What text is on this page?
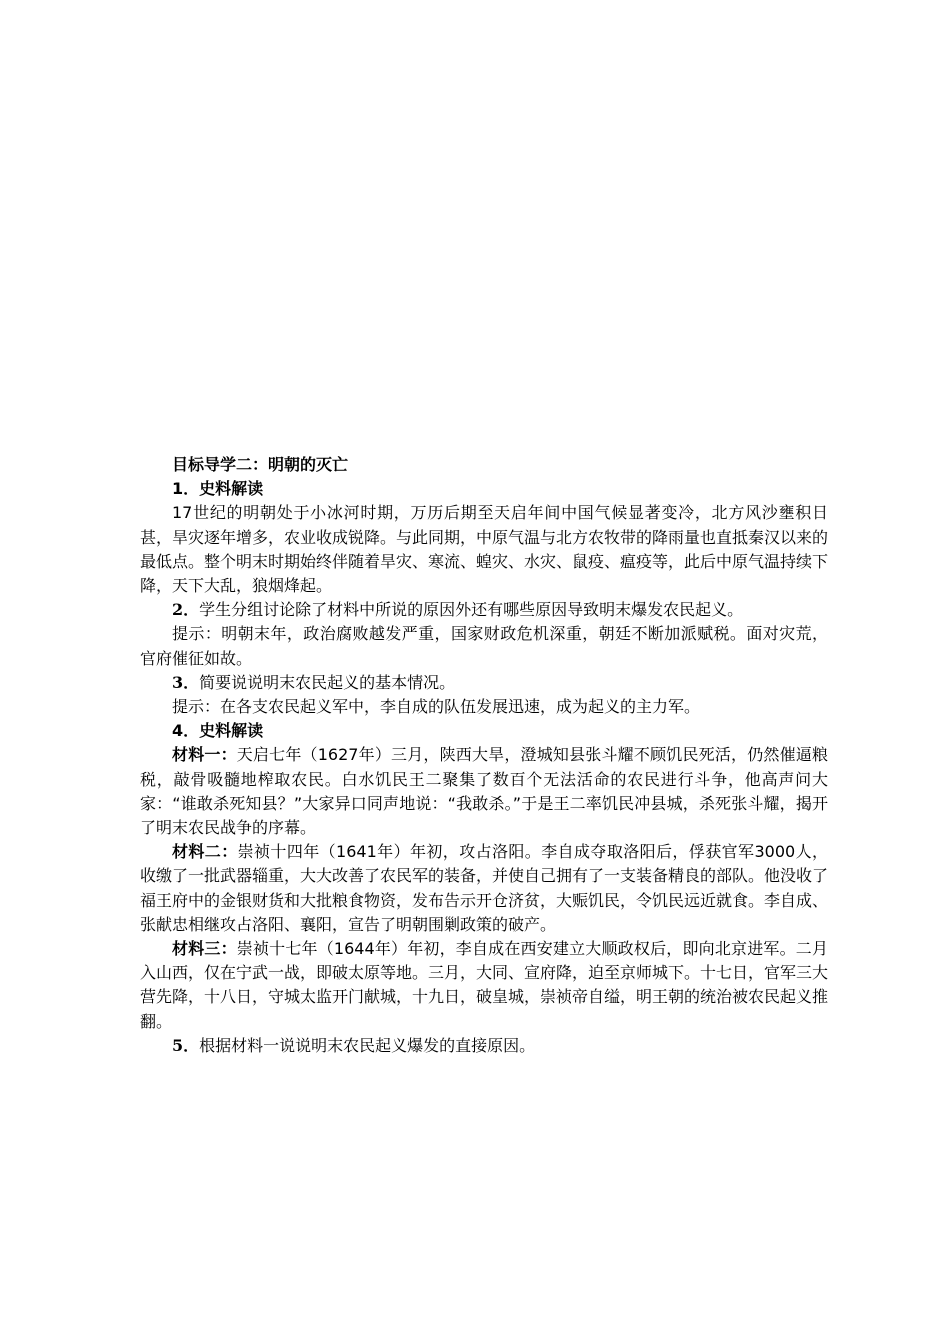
目标导学二：明朝的灭亡

1．史料解读

17世纪的明朝处于小冰河时期，万历后期至天启年间中国气候显著变冷，北方风沙壅积日甚，旱灾逐年增多，农业收成锐降。与此同期，中原气温与北方农牧带的降雨量也直抵秦汉以来的最低点。整个明末时期始终伴随着旱灾、寒流、蝗灾、水灾、鼠疫、瘟疫等，此后中原气温持续下降，天下大乱，狼烟烽起。

2．学生分组讨论除了材料中所说的原因外还有哪些原因导致明末爆发农民起义。

提示：明朝末年，政治腐败越发严重，国家财政危机深重，朝廷不断加派赋税。面对灾荒，官府催征如故。

3．简要说说明末农民起义的基本情况。

提示：在各支农民起义军中，李自成的队伍发展迅速，成为起义的主力军。

4．史料解读

材料一：天启七年（1627年）三月，陕西大旱，澄城知县张斗耀不顾饥民死活，仍然催逼粮税，敲骨吸髓地榨取农民。白水饥民王二聚集了数百个无法活命的农民进行斗争，他高声问大家：“谁敢杀死知县？”大家异口同声地说：“我敢杀。”于是王二率饥民冲县城，杀死张斗耀，揭开了明末农民战争的序幕。

材料二：崇祯十四年（1641年）年初，攻占洛阳。李自成夺取洛阳后，俘获官军3000人，收缴了一批武器辎重，大大改善了农民军的装备，并使自己拥有了一支装备精良的部队。他没收了福王府中的金银财货和大批粮食物资，发布告示开仓济贫，大赈饥民，令饥民远近就食。李自成、张献忠相继攻占洛阳、襄阳，宣告了明朝围剿政策的破产。

材料三：崇祯十七年（1644年）年初，李自成在西安建立大顺政权后，即向北京进军。二月入山西，仅在宁武一战，即破太原等地。三月，大同、宣府降，迫至京师城下。十七日，官军三大营先降，十八日，守城太监开门献城，十九日，破皇城，崇祯帝自缢，明王朝的统治被农民起义推翻。

5．根据材料一说说明末农民起义爆发的直接原因。
